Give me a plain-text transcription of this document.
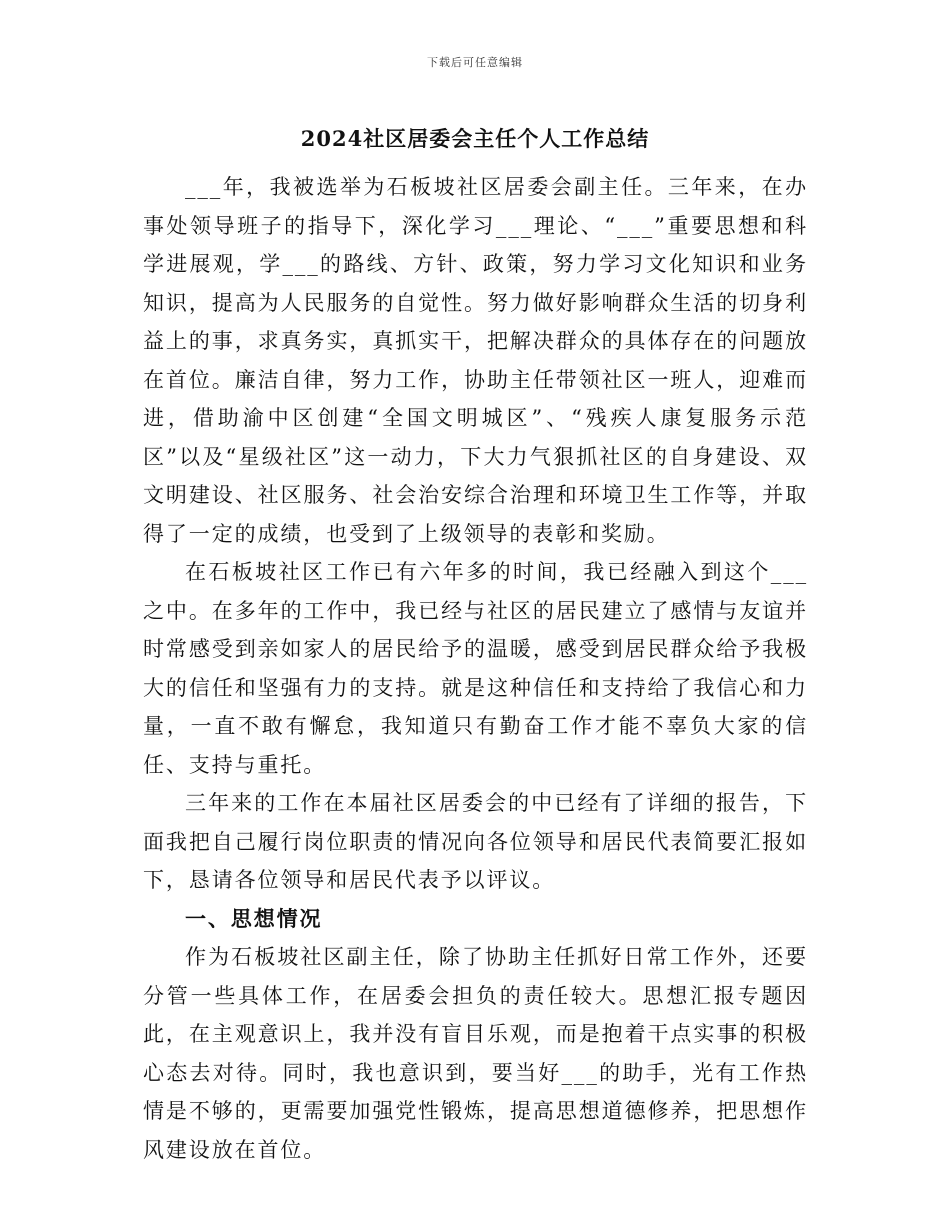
下载后可任意编辑
2024社区居委会主任个人工作总结

___年，我被选举为石板坡社区居委会副主任。三年来，在办事处领导班子的指导下，深化学习___理论、“___”重要思想和科学进展观，学___的路线、方针、政策，努力学习文化知识和业务知识，提高为人民服务的自觉性。努力做好影响群众生活的切身利益上的事，求真务实，真抓实干，把解决群众的具体存在的问题放在首位。廉洁自律，努力工作，协助主任带领社区一班人，迎难而进，借助渝中区创建“全国文明城区”、“残疾人康复服务示范区”以及“星级社区”这一动力，下大力气狠抓社区的自身建设、双文明建设、社区服务、社会治安综合治理和环境卫生工作等，并取得了一定的成绩，也受到了上级领导的表彰和奖励。

在石板坡社区工作已有六年多的时间，我已经融入到这个___之中。在多年的工作中，我已经与社区的居民建立了感情与友谊并时常感受到亲如家人的居民给予的温暖，感受到居民群众给予我极大的信任和坚强有力的支持。就是这种信任和支持给了我信心和力量，一直不敢有懈怠，我知道只有勤奋工作才能不辜负大家的信任、支持与重托。

三年来的工作在本届社区居委会的中已经有了详细的报告，下面我把自己履行岗位职责的情况向各位领导和居民代表简要汇报如下，恳请各位领导和居民代表予以评议。

一、思想情况

作为石板坡社区副主任，除了协助主任抓好日常工作外，还要分管一些具体工作，在居委会担负的责任较大。思想汇报专题因此，在主观意识上，我并没有盲目乐观，而是抱着干点实事的积极心态去对待。同时，我也意识到，要当好___的助手，光有工作热情是不够的，更需要加强党性锻炼，提高思想道德修养，把思想作风建设放在首位。
